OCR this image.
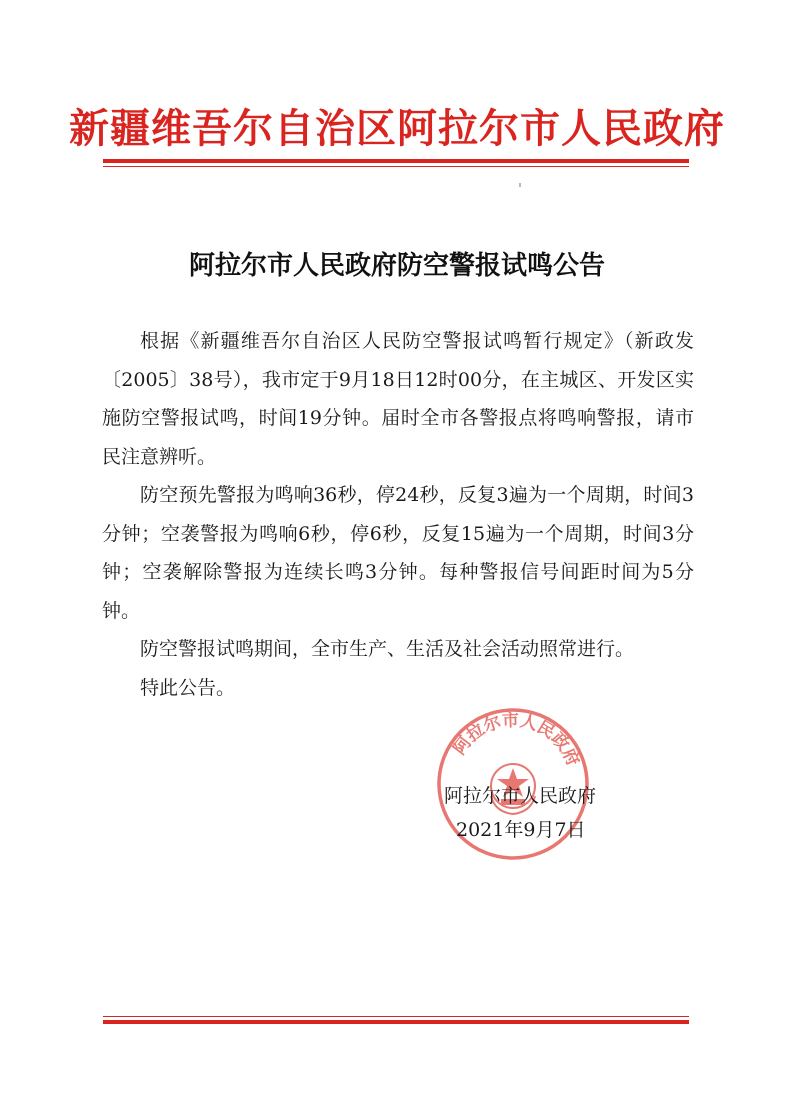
新疆维吾尔自治区阿拉尔市人民政府
阿拉尔市人民政府防空警报试鸣公告

根据《新疆维吾尔自治区人民防空警报试鸣暂行规定》（新政发〔2005〕38号），我市定于9月18日12时00分，在主城区、开发区实施防空警报试鸣，时间19分钟。届时全市各警报点将鸣响警报，请市民注意辨听。

防空预先警报为鸣响36秒，停24秒，反复3遍为一个周期，时间3分钟；空袭警报为鸣响6秒，停6秒，反复15遍为一个周期，时间3分钟；空袭解除警报为连续长鸣3分钟。每种警报信号间距时间为5分钟。

防空警报试鸣期间，全市生产、生活及社会活动照常进行。

特此公告。

阿拉尔市人民政府
阿拉尔市人民政府
2021年9月7日
